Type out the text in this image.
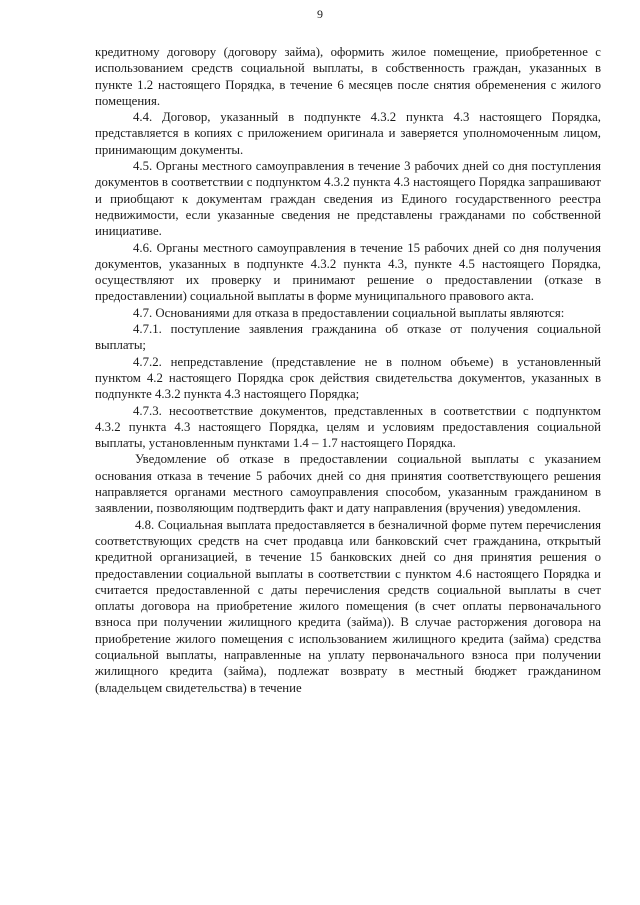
9

кредитному договору (договору займа), оформить жилое помещение, приобретенное с использованием средств социальной выплаты, в собственность граждан, указанных в пункте 1.2 настоящего Порядка, в течение 6 месяцев после снятия обременения с жилого помещения.

4.4. Договор, указанный в подпункте 4.3.2 пункта 4.3 настоящего Порядка, представляется в копиях с приложением оригинала и заверяется уполномоченным лицом, принимающим документы.

4.5. Органы местного самоуправления в течение 3 рабочих дней со дня поступления документов в соответствии с подпунктом 4.3.2 пункта 4.3 настоящего Порядка запрашивают и приобщают к документам граждан сведения из Единого государственного реестра недвижимости, если указанные сведения не представлены гражданами по собственной инициативе.

4.6. Органы местного самоуправления в течение 15 рабочих дней со дня получения документов, указанных в подпункте 4.3.2 пункта 4.3, пункте 4.5 настоящего Порядка, осуществляют их проверку и принимают решение о предоставлении (отказе в предоставлении) социальной выплаты в форме муниципального правового акта.

4.7. Основаниями для отказа в предоставлении социальной выплаты являются:

4.7.1. поступление заявления гражданина об отказе от получения социальной выплаты;

4.7.2. непредставление (представление не в полном объеме) в установленный пунктом 4.2 настоящего Порядка срок действия свидетельства документов, указанных в подпункте 4.3.2 пункта 4.3 настоящего Порядка;

4.7.3. несоответствие документов, представленных в соответствии с подпунктом 4.3.2 пункта 4.3 настоящего Порядка, целям и условиям предоставления социальной выплаты, установленным пунктами 1.4 – 1.7 настоящего Порядка.

Уведомление об отказе в предоставлении социальной выплаты с указанием основания отказа в течение 5 рабочих дней со дня принятия соответствующего решения направляется органами местного самоуправления способом, указанным гражданином в заявлении, позволяющим подтвердить факт и дату направления (вручения) уведомления.

4.8. Социальная выплата предоставляется в безналичной форме путем перечисления соответствующих средств на счет продавца или банковский счет гражданина, открытый кредитной организацией, в течение 15 банковских дней со дня принятия решения о предоставлении социальной выплаты в соответствии с пунктом 4.6 настоящего Порядка и считается предоставленной с даты перечисления средств социальной выплаты в счет оплаты договора на приобретение жилого помещения (в счет оплаты первоначального взноса при получении жилищного кредита (займа)). В случае расторжения договора на приобретение жилого помещения с использованием жилищного кредита (займа) средства социальной выплаты, направленные на уплату первоначального взноса при получении жилищного кредита (займа), подлежат возврату в местный бюджет гражданином (владельцем свидетельства) в течение
